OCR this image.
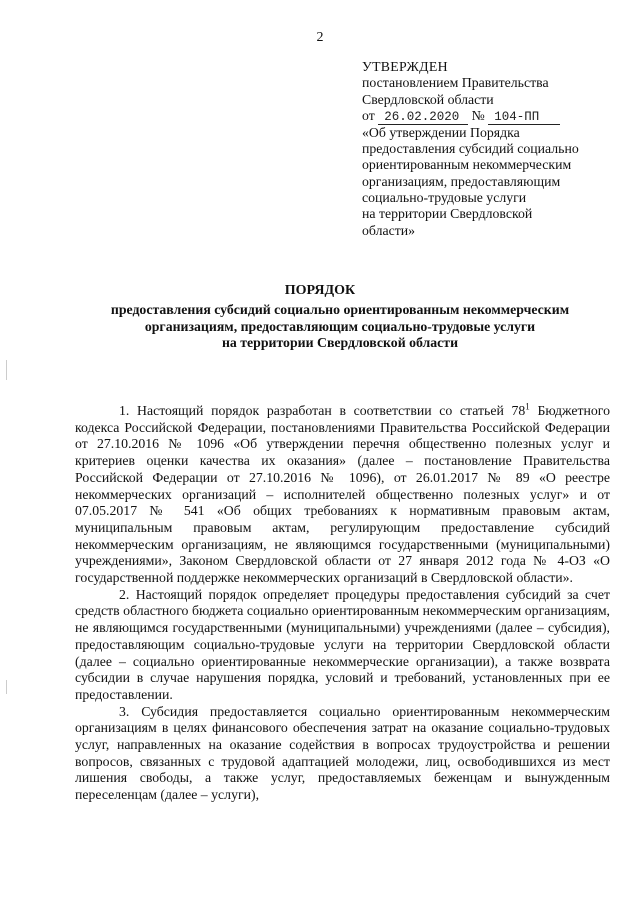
2
УТВЕРЖДЕН
постановлением Правительства
Свердловской области
от 26.02.2020 № 104-ПП
«Об утверждении Порядка
предоставления субсидий социально
ориентированным некоммерческим
организациям, предоставляющим
социально-трудовые услуги
на территории Свердловской
области»
ПОРЯДОК
предоставления субсидий социально ориентированным некоммерческим
организациям, предоставляющим социально-трудовые услуги
на территории Свердловской области

1. Настоящий порядок разработан в соответствии со статьей $78^1$ Бюджетного кодекса Российской Федерации, постановлениями Правительства Российской Федерации от 27.10.2016 № 1096 «Об утверждении перечня общественно полезных услуг и критериев оценки качества их оказания» (далее – постановление Правительства Российской Федерации от 27.10.2016 № 1096), от 26.01.2017 № 89 «О реестре некоммерческих организаций – исполнителей общественно полезных услуг» и от 07.05.2017 № 541 «Об общих требованиях к нормативным правовым актам, муниципальным правовым актам, регулирующим предоставление субсидий некоммерческим организациям, не являющимся государственными (муниципальными) учреждениями», Законом Свердловской области от 27 января 2012 года № 4-ОЗ «О государственной поддержке некоммерческих организаций в Свердловской области».

2. Настоящий порядок определяет процедуры предоставления субсидий за счет средств областного бюджета социально ориентированным некоммерческим организациям, не являющимся государственными (муниципальными) учреждениями (далее – субсидия), предоставляющим социально-трудовые услуги на территории Свердловской области (далее – социально ориентированные некоммерческие организации), а также возврата субсидии в случае нарушения порядка, условий и требований, установленных при ее предоставлении.

3. Субсидия предоставляется социально ориентированным некоммерческим организациям в целях финансового обеспечения затрат на оказание социально-трудовых услуг, направленных на оказание содействия в вопросах трудоустройства и решении вопросов, связанных с трудовой адаптацией молодежи, лиц, освободившихся из мест лишения свободы, а также услуг, предоставляемых беженцам и вынужденным переселенцам (далее – услуги),
